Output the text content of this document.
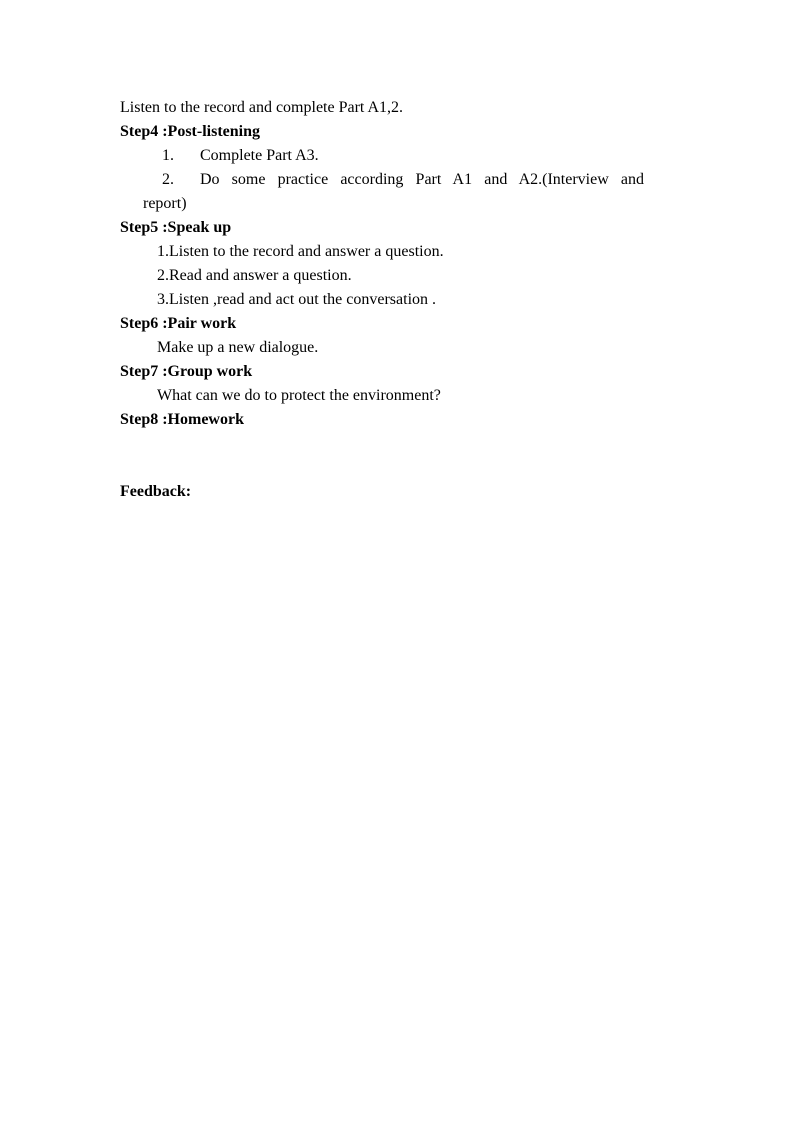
Listen to the record and complete Part A1,2.
Step4 :Post-listening
1. Complete Part A3.
2. Do some practice according Part A1 and A2.(Interview and
report)
Step5 :Speak up
1.Listen to the record and answer a question.
2.Read and answer a question.
3.Listen ,read and act out the conversation .
Step6 :Pair work
Make up a new dialogue.
Step7 :Group work
What can we do to protect the environment?
Step8 :Homework
Feedback:
